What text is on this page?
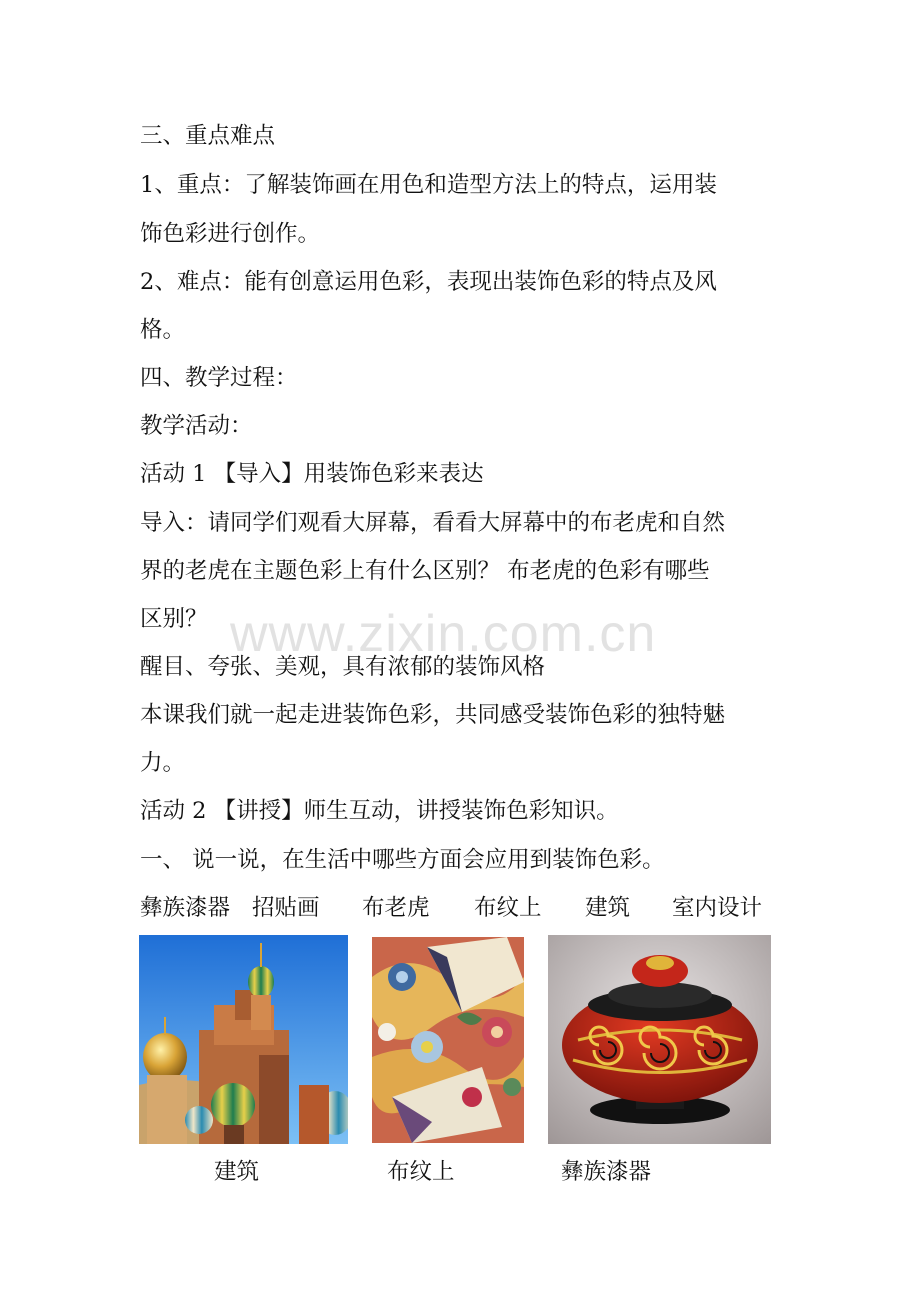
三、重点难点
1、重点：了解装饰画在用色和造型方法上的特点，运用装
饰色彩进行创作。
2、难点：能有创意运用色彩，表现出装饰色彩的特点及风
格。
四、教学过程：
教学活动：
活动 1 【导入】用装饰色彩来表达
导入：请同学们观看大屏幕，看看大屏幕中的布老虎和自然
界的老虎在主题色彩上有什么区别？ 布老虎的色彩有哪些
区别？
醒目、夸张、美观，具有浓郁的装饰风格
本课我们就一起走进装饰色彩，共同感受装饰色彩的独特魅
力。
活动 2 【讲授】师生互动，讲授装饰色彩知识。
一、 说一说，在生活中哪些方面会应用到装饰色彩。
www.zixin.com.cn
彝族漆器 招贴画 布老虎 布纹上 建筑 室内设计
建筑	布纹上	彝族漆器
